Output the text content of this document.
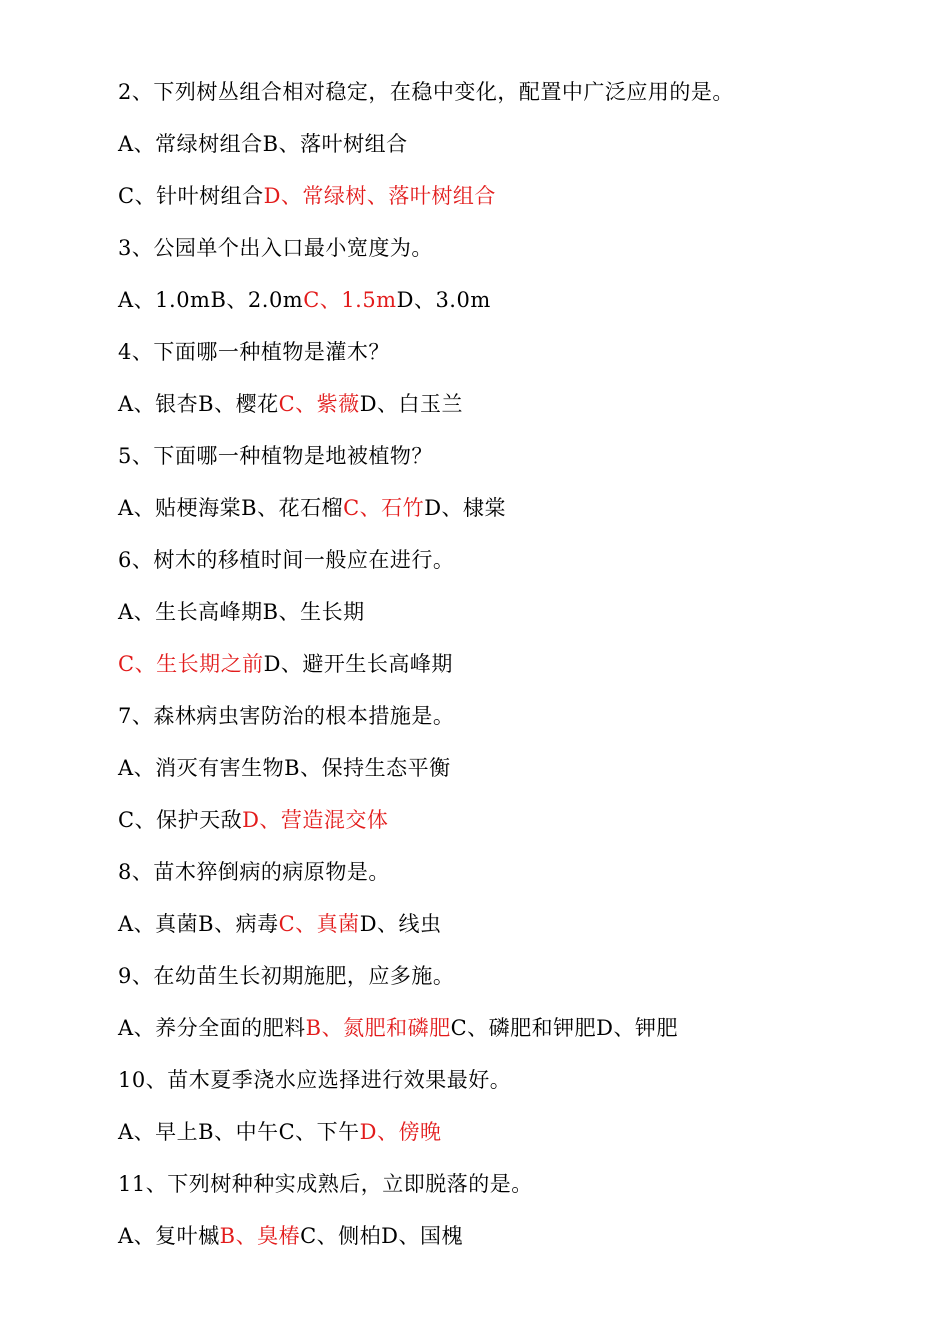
2、下列树丛组合相对稳定，在稳中变化，配置中广泛应用的是。
A、常绿树组合B、落叶树组合
C、针叶树组合D、常绿树、落叶树组合
3、公园单个出入口最小宽度为。
A、1.0mB、2.0mC、1.5mD、3.0m
4、下面哪一种植物是灌木？
A、银杏B、樱花C、紫薇D、白玉兰
5、下面哪一种植物是地被植物？
A、贴梗海棠B、花石榴C、石竹D、棣棠
6、树木的移植时间一般应在进行。
A、生长高峰期B、生长期
C、生长期之前D、避开生长高峰期
7、森林病虫害防治的根本措施是。
A、消灭有害生物B、保持生态平衡
C、保护天敌D、营造混交体
8、苗木猝倒病的病原物是。
A、真菌B、病毒C、真菌D、线虫
9、在幼苗生长初期施肥，应多施。
A、养分全面的肥料B、氮肥和磷肥C、磷肥和钾肥D、钾肥
10、苗木夏季浇水应选择进行效果最好。
A、早上B、中午C、下午D、傍晚
11、下列树种种实成熟后，立即脱落的是。
A、复叶槭B、臭椿C、侧柏D、国槐
